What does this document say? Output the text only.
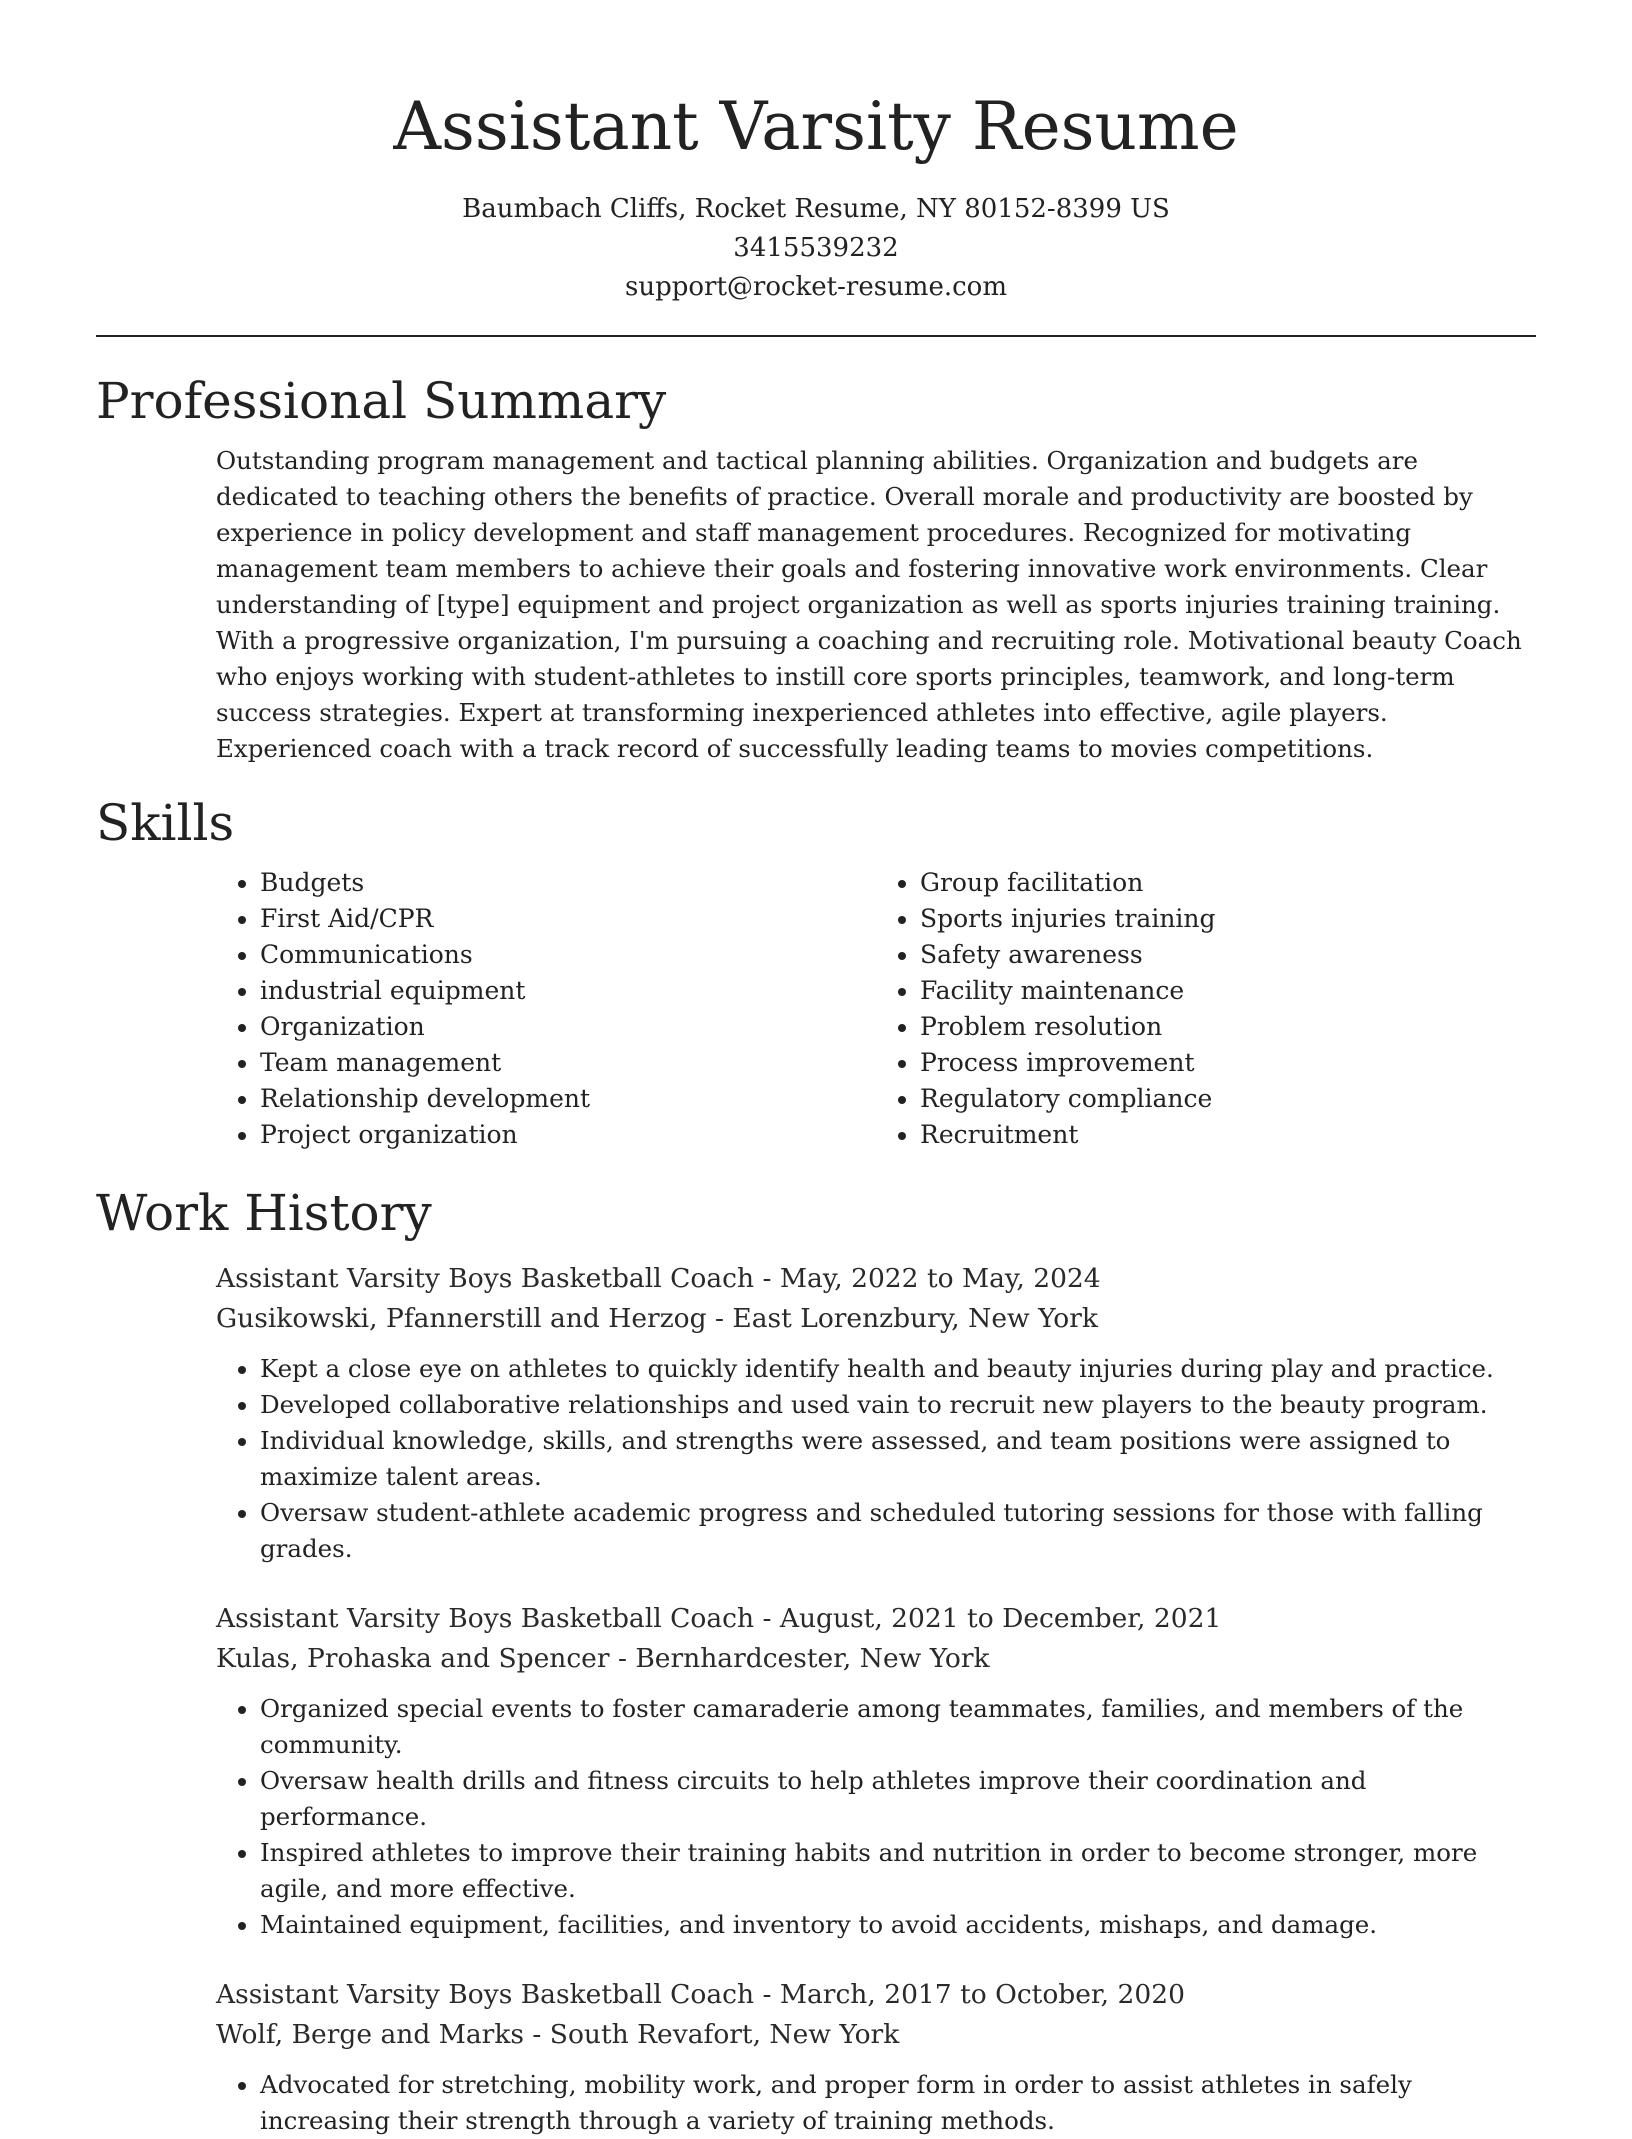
Assistant Varsity Resume
Baumbach Cliffs, Rocket Resume, NY 80152-8399 US
3415539232
support@rocket-resume.com
Professional Summary

Outstanding program management and tactical planning abilities. Organization and budgets are dedicated to teaching others the benefits of practice. Overall morale and productivity are boosted by experience in policy development and staff management procedures. Recognized for motivating management team members to achieve their goals and fostering innovative work environments. Clear understanding of [type] equipment and project organization as well as sports injuries training training. With a progressive organization, I'm pursuing a coaching and recruiting role. Motivational beauty Coach who enjoys working with student-athletes to instill core sports principles, teamwork, and long-term success strategies. Expert at transforming inexperienced athletes into effective, agile players. Experienced coach with a track record of successfully leading teams to movies competitions.

Skills
• Budgets
• First Aid/CPR
• Communications
• industrial equipment
• Organization
• Team management
• Relationship development
• Project organization
• Group facilitation
• Sports injuries training
• Safety awareness
• Facility maintenance
• Problem resolution
• Process improvement
• Regulatory compliance
• Recruitment
Work History
Assistant Varsity Boys Basketball Coach - May, 2022 to May, 2024
Gusikowski, Pfannerstill and Herzog - East Lorenzbury, New York
• Kept a close eye on athletes to quickly identify health and beauty injuries during play and practice.
• Developed collaborative relationships and used vain to recruit new players to the beauty program.
• Individual knowledge, skills, and strengths were assessed, and team positions were assigned to maximize talent areas.
• Oversaw student-athlete academic progress and scheduled tutoring sessions for those with falling grades.
Assistant Varsity Boys Basketball Coach - August, 2021 to December, 2021
Kulas, Prohaska and Spencer - Bernhardcester, New York
• Organized special events to foster camaraderie among teammates, families, and members of the community.
• Oversaw health drills and fitness circuits to help athletes improve their coordination and performance.
• Inspired athletes to improve their training habits and nutrition in order to become stronger, more agile, and more effective.
• Maintained equipment, facilities, and inventory to avoid accidents, mishaps, and damage.
Assistant Varsity Boys Basketball Coach - March, 2017 to October, 2020
Wolf, Berge and Marks - South Revafort, New York
• Advocated for stretching, mobility work, and proper form in order to assist athletes in safely increasing their strength through a variety of training methods.
